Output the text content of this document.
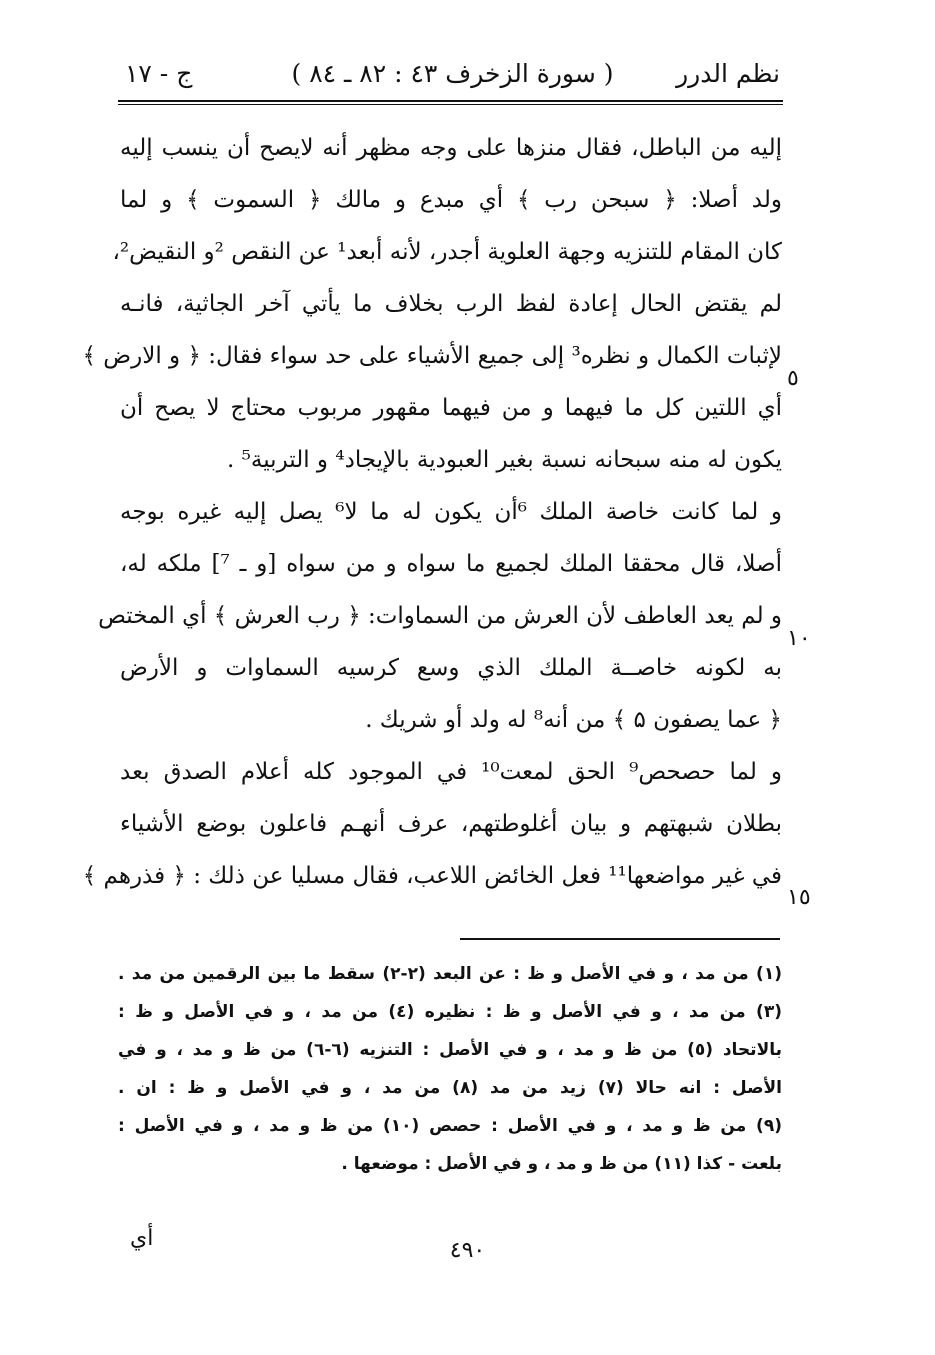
نظم الدرر
( سورة الزخرف ٤٣ : ٨٢ ـ ٨٤ )
ج - ١٧
إليه من الباطل، فقال منزها على وجه مظهر أنه لايصح أن ينسب إليه
ولد أصلا: ﴿ سبحن رب ﴾ أي مبدع و مالك ﴿ السموت ﴾ و لما
كان المقام للتنزيه وجهة العلوية أجدر، لأنه أبعد¹ عن النقص ²و النقيض²،
لم يقتض الحال إعادة لفظ الرب بخلاف ما يأتي آخر الجاثية، فانـه
لإثبات الكمال و نظره³ إلى جميع الأشياء على حد سواء فقال: ﴿ و الارض ﴾
أي اللتين كل ما فيهما و من فيهما مقهور مربوب محتاج لا يصح أن
يكون له منه سبحانه نسبة بغير العبودية بالإيجاد⁴ و التربية⁵ .
و لما كانت خاصة الملك ⁶أن يكون له ما لا⁶ يصل إليه غيره بوجه
أصلا، قال محققا الملك لجميع ما سواه و من سواه [و ـ ⁷] ملكه له،
و لم يعد العاطف لأن العرش من السماوات: ﴿ رب العرش ﴾ أي المختص
به لكونه خاصــة الملك الذي وسع كرسيه السماوات و الأرض
﴿ عما يصفون ۵ ﴾ من أنه⁸ له ولد أو شريك .
و لما حصحص⁹ الحق لمعت¹⁰ في الموجود كله أعلام الصدق بعد
بطلان شبهتهم و بيان أغلوطتهم، عرف أنهـم فاعلون بوضع الأشياء
في غير مواضعها¹¹ فعل الخائض اللاعب، فقال مسليا عن ذلك : ﴿ فذرهم ﴾
٥
١٠
١٥
(١) من مد ، و في الأصل و ظ : عن البعد (٢-٢) سقط ما بين الرقمين من مد .
(٣) من مد ، و في الأصل و ظ : نظيره (٤) من مد ، و في الأصل و ظ :
بالاتحاد (٥) من ظ و مد ، و في الأصل : التنزيه (٦-٦) من ظ و مد ، و في
الأصل : انه حالا (٧) زيد من مد (٨) من مد ، و في الأصل و ظ : ان .
(٩) من ظ و مد ، و في الأصل : حصص (١٠) من ظ و مد ، و في الأصل :
بلعت - كذا (١١) من ظ و مد ، و في الأصل : موضعها .
أي	٤٩٠
